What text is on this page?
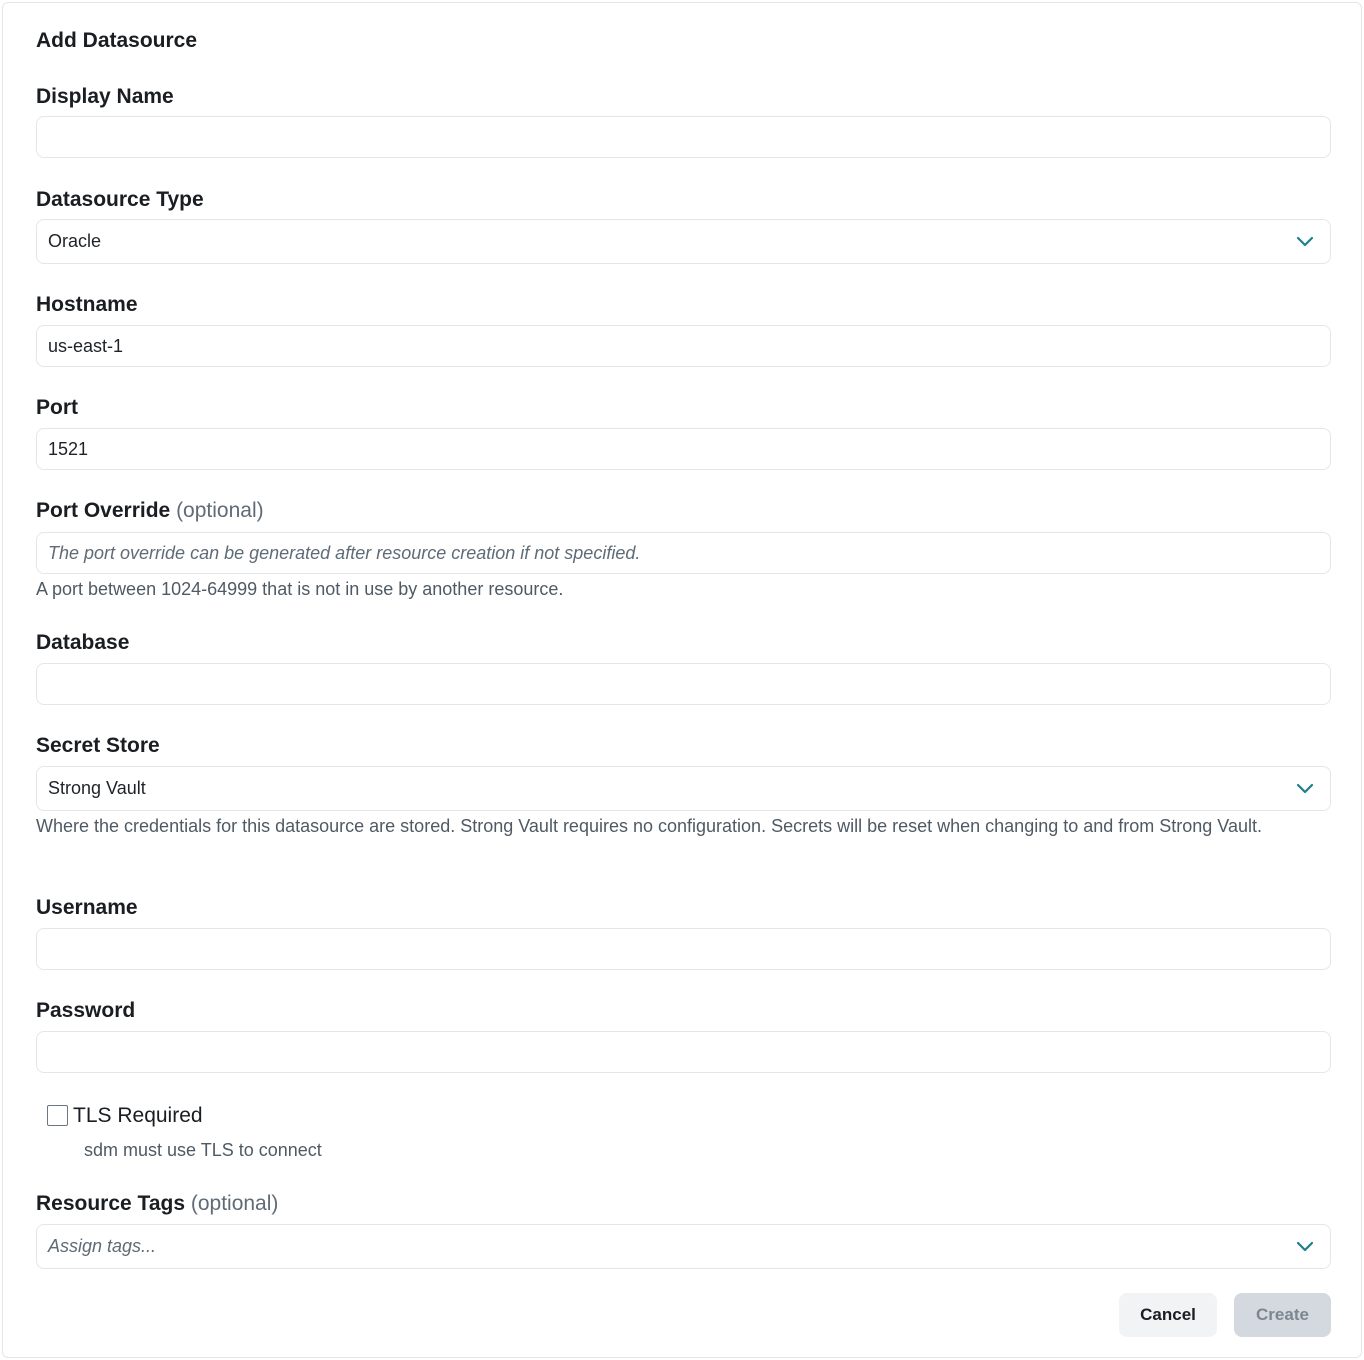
Add Datasource
Display Name
Datasource Type
Oracle
Hostname
us-east-1
Port
1521
Port Override (optional)
The port override can be generated after resource creation if not specified.
A port between 1024-64999 that is not in use by another resource.
Database
Secret Store
Strong Vault
Where the credentials for this datasource are stored. Strong Vault requires no configuration. Secrets will be reset when changing to and from Strong Vault.
Username
Password
TLS Required
sdm must use TLS to connect
Resource Tags (optional)
Assign tags...
Cancel	Create
